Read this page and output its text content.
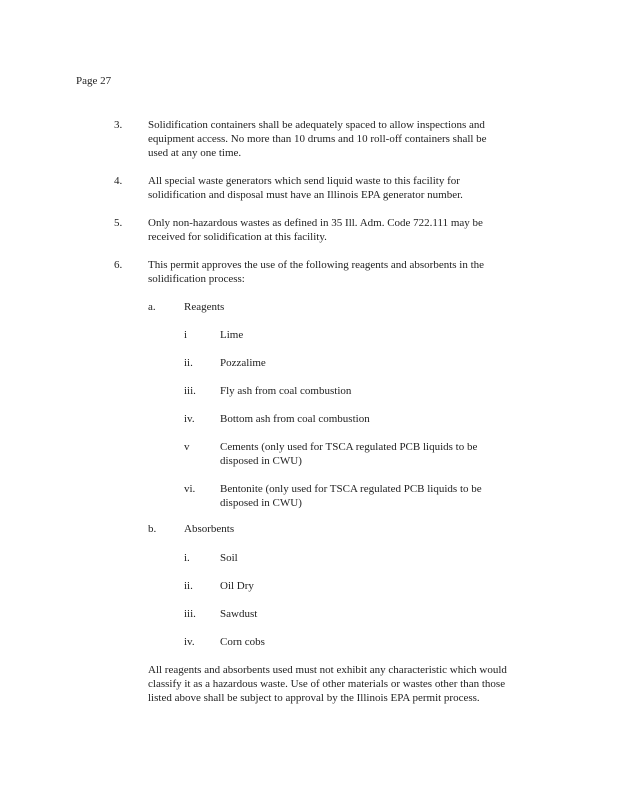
Page 27
3. Solidification containers shall be adequately spaced to allow inspections and
equipment access. No more than 10 drums and 10 roll-off containers shall be
used at any one time.
4. All special waste generators which send liquid waste to this facility for
solidification and disposal must have an Illinois EPA generator number.
5. Only non-hazardous wastes as defined in 35 Ill. Adm. Code 722.111 may be
received for solidification at this facility.
6. This permit approves the use of the following reagents and absorbents in the
solidification process:
a.	Reagents
i	Lime
ii. Pozzalime
iii. Fly ash from coal combustion
iv. Bottom ash from coal combustion
v	Cements (only used for TSCA regulated PCB liquids to be
disposed in CWU)
vi. Bentonite (only used for TSCA regulated PCB liquids to be
disposed in CWU)
b.	Absorbents
i.	Soil
ii. Oil Dry
iii. Sawdust
iv. Corn cobs
All reagents and absorbents used must not exhibit any characteristic which would
classify it as a hazardous waste. Use of other materials or wastes other than those
listed above shall be subject to approval by the Illinois EPA permit process.
